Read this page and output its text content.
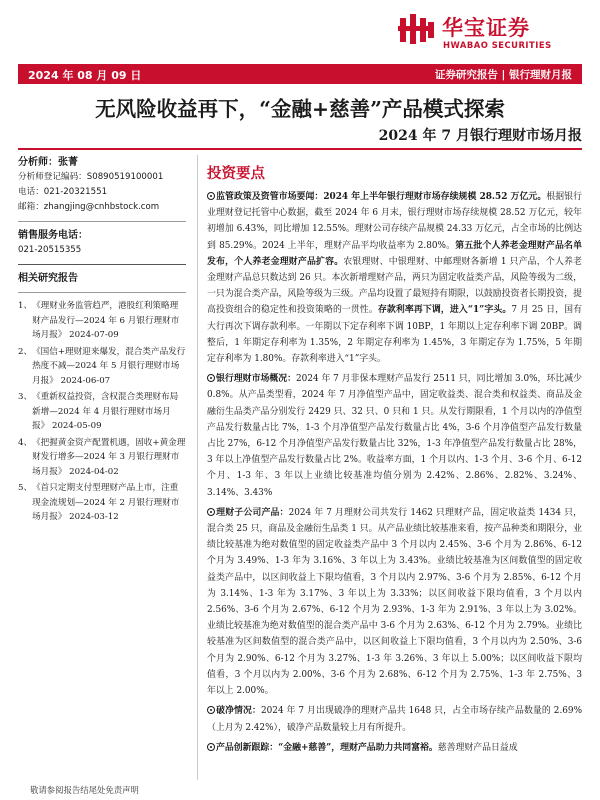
华宝证券
HWABAO SECURITIES
2024 年 08 月 09 日	证券研究报告 | 银行理财月报
无风险收益再下，“金融+慈善”产品模式探索
2024 年 7 月银行理财市场月报
分析师：张菁
分析师登记编码：S0890519100001
电话：021-20321551
邮箱：zhangjing@cnhbstock.com
销售服务电话：
021-20515355
相关研究报告
1、 《理财业务监管趋严，港股红利策略理财产品发行—2024 年 6 月银行理财市场月报》 2024-07-09
2、 《国信+理财迎来爆发，混合类产品发行热度不减—2024 年 5 月银行理财市场月报》 2024-06-07
3、 《重新权益投资，含权混合类理财布局新增—2024 年 4 月银行理财市场月报》 2024-05-09
4、 《把握黄金资产配置机遇，固收+黄金理财发行增多—2024 年 3 月银行理财市场月报》 2024-04-02
5、 《首只定期支付型理财产品上市，注重现金流规划—2024 年 2 月银行理财市场月报》 2024-03-12
投资要点

监管政策及资管市场要闻：2024 年上半年银行理财市场存续规模 28.52 万亿元。根据银行业理财登记托管中心数据，截至 2024 年 6 月末，银行理财市场存续规模 28.52 万亿元，较年初增加 6.43%，同比增加 12.55%。理财公司存续产品规模 24.33 万亿元，占全市场的比例达到 85.29%。2024 上半年，理财产品平均收益率为 2.80%。第五批个人养老金理财产品名单发布，个人养老金理财产品扩容。农银理财、中银理财、中邮理财各新增 1 只产品，个人养老金理财产品总只数达到 26 只。本次新增理财产品，两只为固定收益类产品，风险等级为二级，一只为混合类产品，风险等级为三级。产品均设置了最短持有期限，以鼓励投资者长期投资，提高投资组合的稳定性和投资策略的一贯性。存款利率再下调，进入“1”字头。7 月 25 日，国有大行再次下调存款利率。一年期以下定存利率下调 10BP，1 年期以上定存利率下调 20BP。调整后，1 年期定存利率为 1.35%，2 年期定存利率为 1.45%，3 年期定存为 1.75%，5 年期定存利率为 1.80%。存款利率进入“1”字头。

银行理财市场概况：2024 年 7 月非保本理财产品发行 2511 只，同比增加 3.0%，环比减少 0.8%。从产品类型看，2024 年 7 月净值型产品中，固定收益类、混合类和权益类、商品及金融衍生品类产品分别发行 2429 只、32 只、0 只和 1 只。从发行期限看，1 个月以内的净值型产品发行数量占比 7%，1-3 个月净值型产品发行数量占比 4%，3-6 个月净值型产品发行数量占比 27%，6-12 个月净值型产品发行数量占比 32%，1-3 年净值型产品发行数量占比 28%，3 年以上净值型产品发行数量占比 2%。收益率方面，1 个月以内、1-3 个月、3-6 个月、6-12 个月、1-3 年、3 年以上业绩比较基准均值分别为 2.42%、2.86%、2.82%、3.24%、3.14%、3.43%

理财子公司产品：2024 年 7 月理财公司共发行 1462 只理财产品，固定收益类 1434 只，混合类 25 只，商品及金融衍生品类 1 只。从产品业绩比较基准来看，按产品种类和期限分，业绩比较基准为绝对数值型的固定收益类产品中 3 个月以内 2.45%、3-6 个月为 2.86%、6-12 个月为 3.49%、1-3 年为 3.16%、3 年以上为 3.43%。业绩比较基准为区间数值型的固定收益类产品中，以区间收益上下限均值看，3 个月以内 2.97%、3-6 个月为 2.85%、6-12 个月为 3.14%、1-3 年为 3.17%、3 年以上为 3.33%；以区间收益下限均值看，3 个月以内 2.56%、3-6 个月为 2.67%、6-12 个月为 2.93%、1-3 年为 2.91%、3 年以上为 3.02%。业绩比较基准为绝对数值型的混合类产品中 3-6 个月为 2.63%、6-12 个月为 2.79%。业绩比较基准为区间数值型的混合类产品中，以区间收益上下限均值看，3 个月以内为 2.50%、3-6 个月为 2.90%、6-12 个月为 3.27%、1-3 年 3.26%、3 年以上 5.00%；以区间收益下限均值看，3 个月以内为 2.00%、3-6 个月为 2.68%、6-12 个月为 2.75%、1-3 年 2.75%、3 年以上 2.00%。

破净情况：2024 年 7 月出现破净的理财产品共 1648 只，占全市场存续产品数量的 2.69%（上月为 2.42%），破净产品数量较上月有所提升。

产品创新跟踪：“金融+慈善”，理财产品助力共同富裕。慈善理财产品日益成

敬请参阅报告结尾处免责声明
